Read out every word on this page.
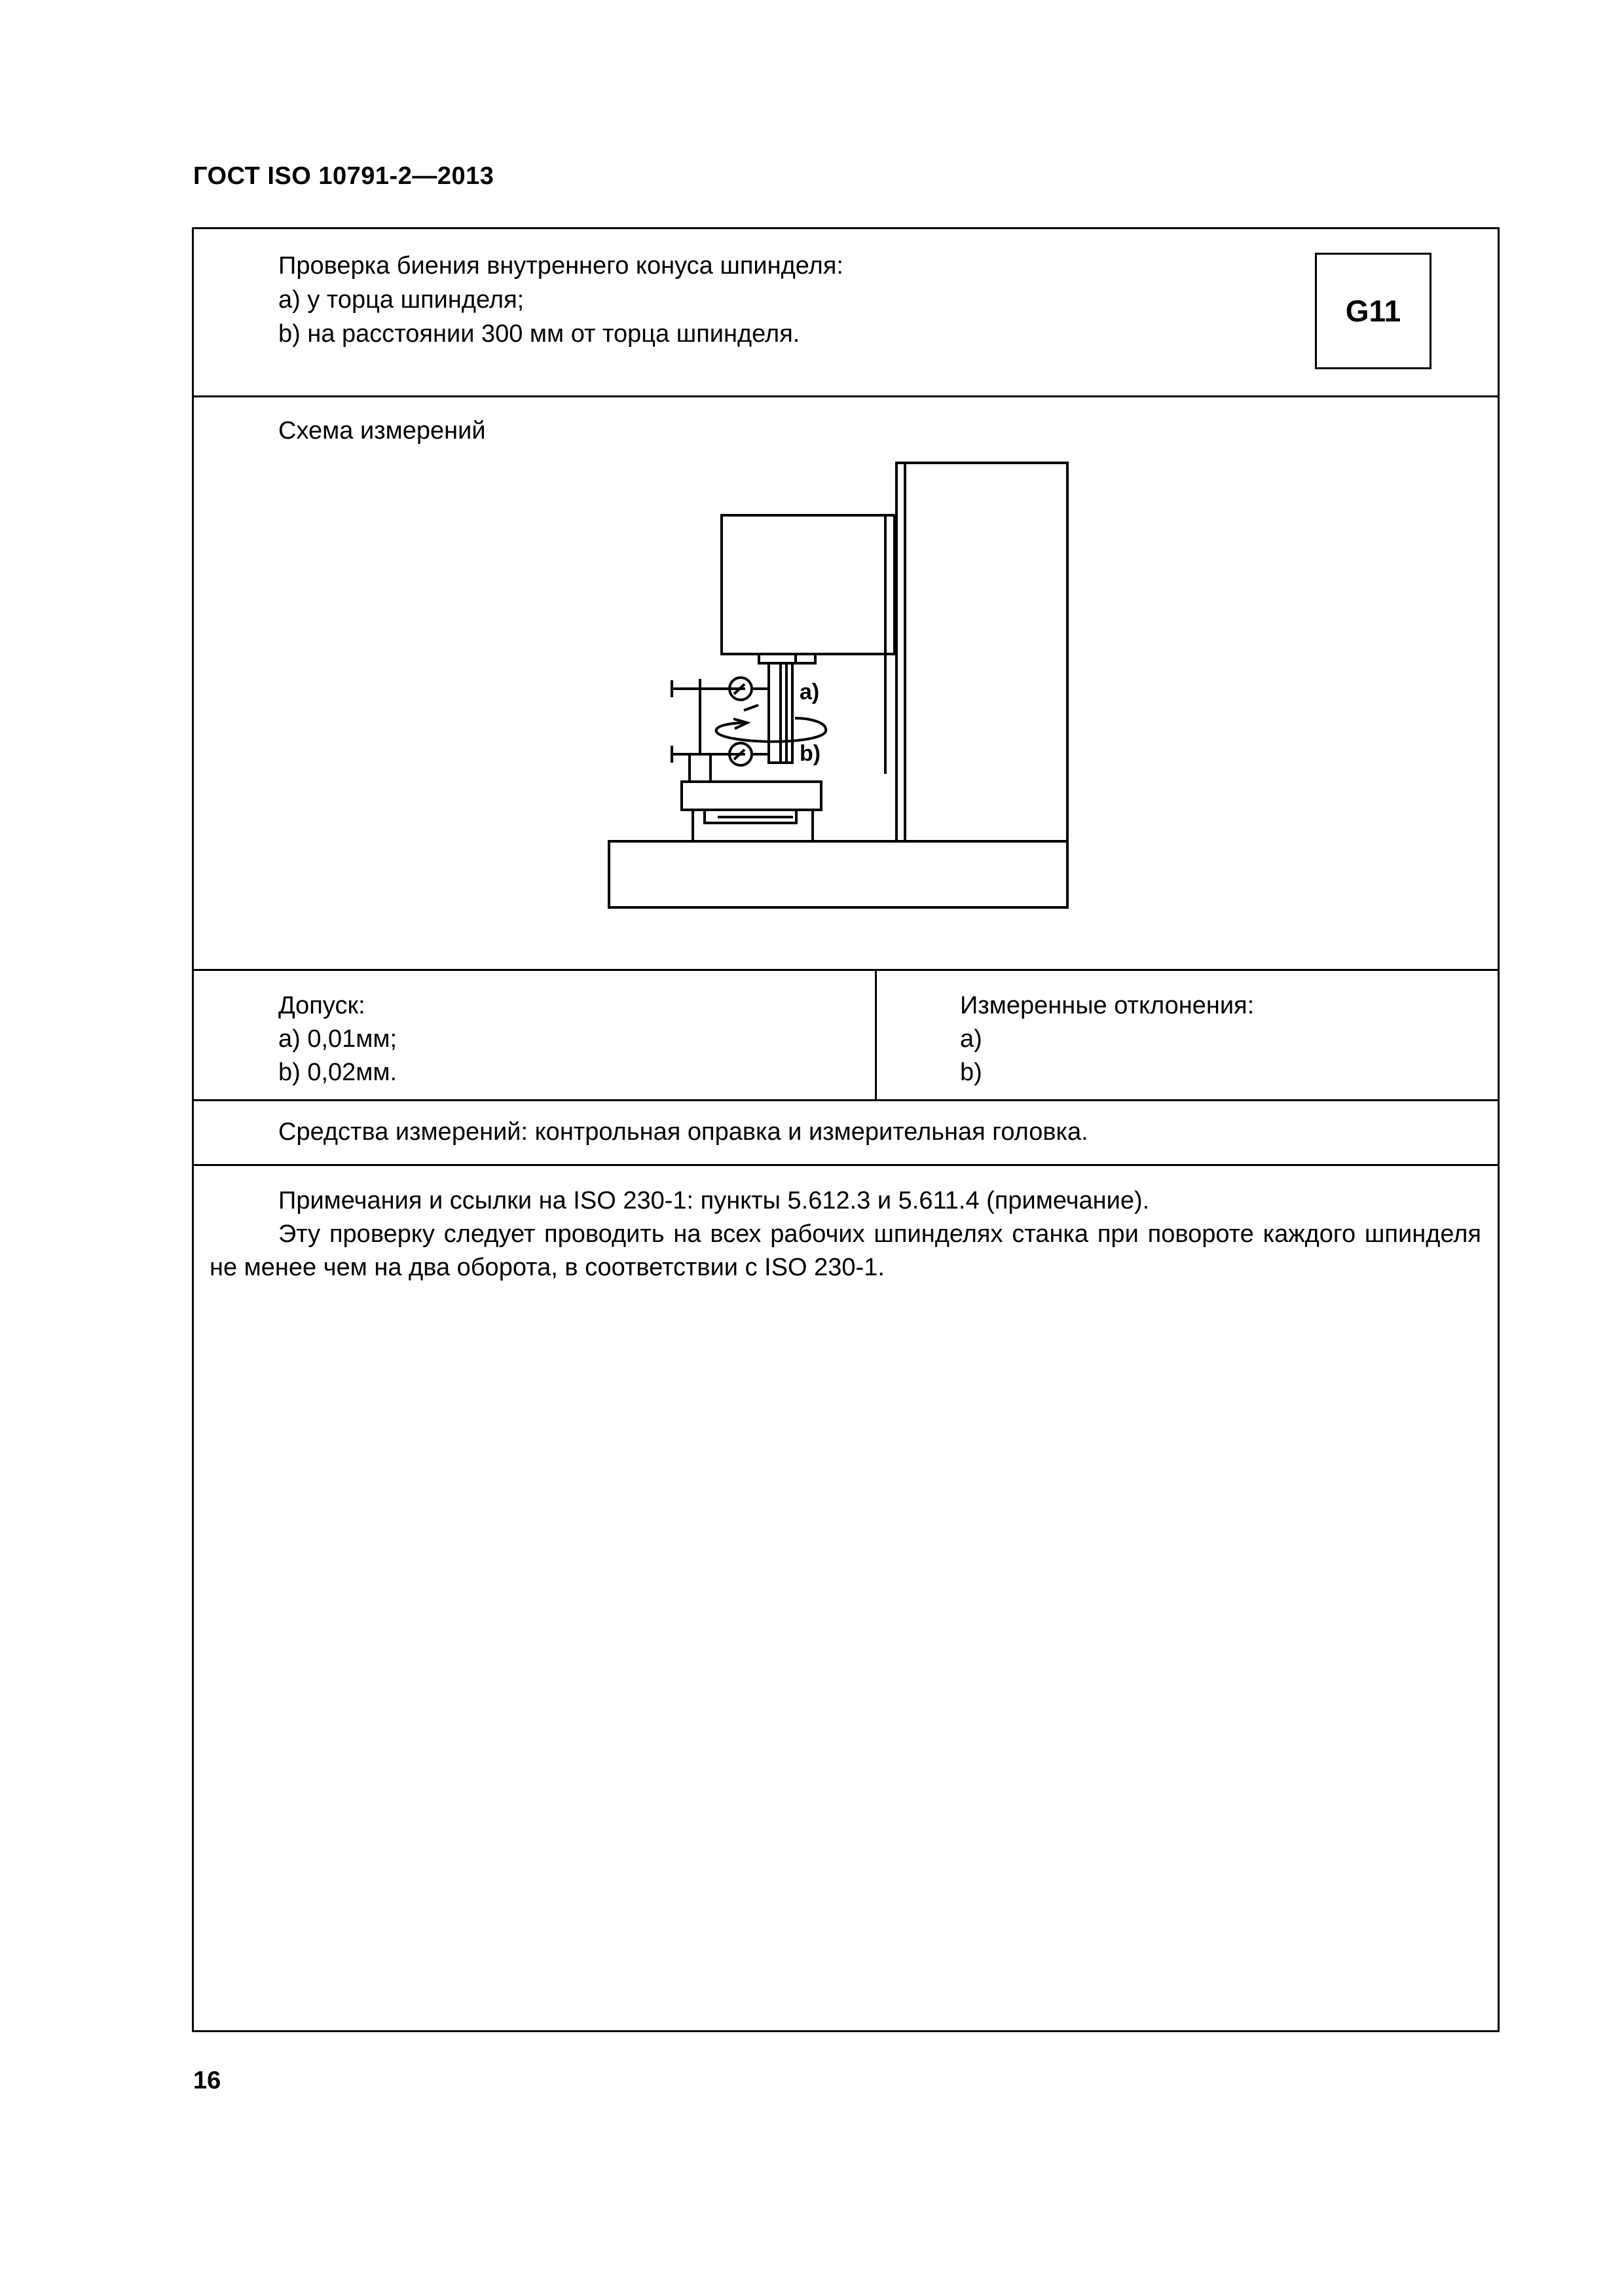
ГОСТ ISO 10791-2—2013
Проверка биения внутреннего конуса шпинделя:
a) у торца шпинделя;
b) на расстоянии 300 мм от торца шпинделя.
G11
Схема измерений
a)
b)
Допуск:
a) 0,01мм;
b) 0,02мм.
Измеренные отклонения:
a)
b)
Средства измерений: контрольная оправка и измерительная головка.

Примечания и ссылки на ISO 230-1: пункты 5.612.3 и 5.611.4 (примечание).

Эту проверку следует проводить на всех рабочих шпинделях станка при повороте каждого шпинделя не менее чем на два оборота, в соответствии с ISO 230-1.

16
